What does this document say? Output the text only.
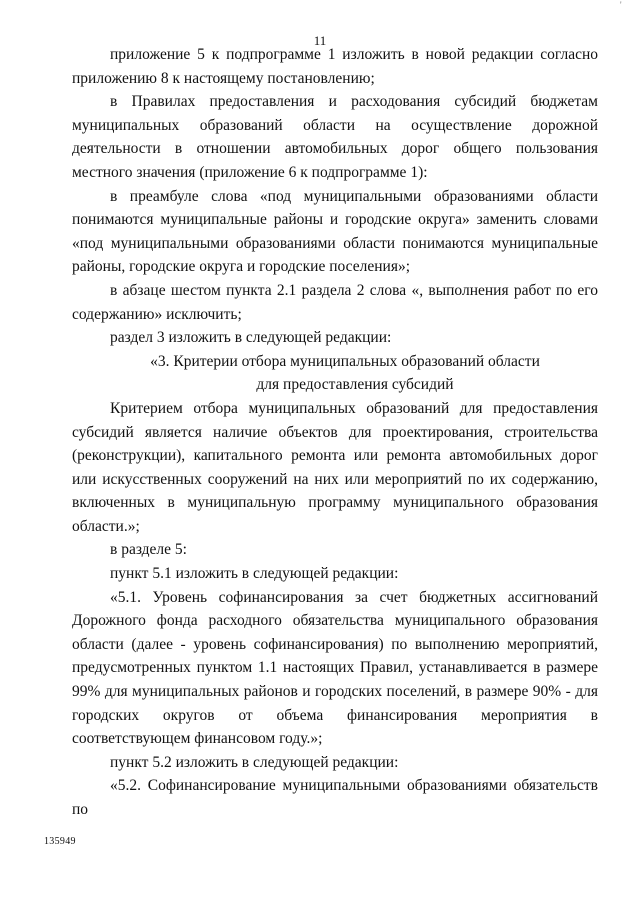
'
11

приложение 5 к подпрограмме 1 изложить в новой редакции согласно приложению 8 к настоящему постановлению;

в Правилах предоставления и расходования субсидий бюджетам муниципальных образований области на осуществление дорожной деятельности в отношении автомобильных дорог общего пользования местного значения (приложение 6 к подпрограмме 1):

в преамбуле слова «под муниципальными образованиями области понимаются муниципальные районы и городские округа» заменить словами «под муниципальными образованиями области понимаются муниципальные районы, городские округа и городские поселения»;

в абзаце шестом пункта 2.1 раздела 2 слова «, выполнения работ по его содержанию» исключить;

раздел 3 изложить в следующей редакции:

«3. Критерии отбора муниципальных образований области

для предоставления субсидий

Критерием отбора муниципальных образований для предоставления субсидий является наличие объектов для проектирования, строительства (реконструкции), капитального ремонта или ремонта автомобильных дорог или искусственных сооружений на них или мероприятий по их содержанию, включенных в муниципальную программу муниципального образования области.»;

в разделе 5:

пункт 5.1 изложить в следующей редакции:

«5.1. Уровень софинансирования за счет бюджетных ассигнований Дорожного фонда расходного обязательства муниципального образования области (далее - уровень софинансирования) по выполнению мероприятий, предусмотренных пунктом 1.1 настоящих Правил, устанавливается в размере 99% для муниципальных районов и городских поселений, в размере 90% - для городских округов от объема финансирования мероприятия в соответствующем финансовом году.»;

пункт 5.2 изложить в следующей редакции:

«5.2. Софинансирование муниципальными образованиями обязательств по

135949
